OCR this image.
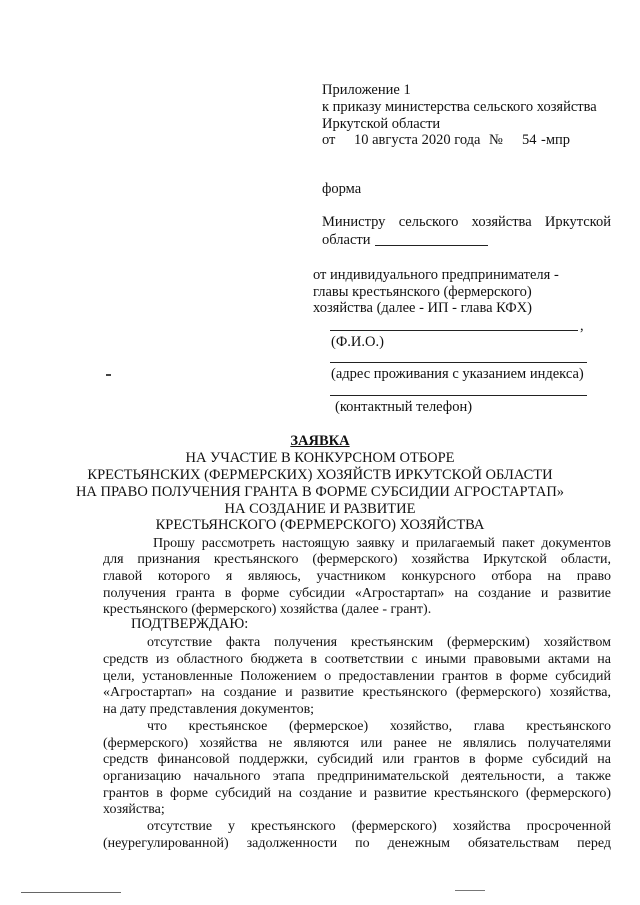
Приложение 1
к приказу министерства сельского хозяйства
Иркутской области
от 10 августа 2020 года № 54 -мпр
форма
Министру сельского хозяйства Иркутской
области
от индивидуального предпринимателя -
главы крестьянского (фермерского)
хозяйства (далее - ИП - глава КФХ)
,
(Ф.И.О.)
(адрес проживания с указанием индекса)
(контактный телефон)
ЗАЯВКА
НА УЧАСТИЕ В КОНКУРСНОМ ОТБОРЕ
КРЕСТЬЯНСКИХ (ФЕРМЕРСКИХ) ХОЗЯЙСТВ ИРКУТСКОЙ ОБЛАСТИ
НА ПРАВО ПОЛУЧЕНИЯ ГРАНТА В ФОРМЕ СУБСИДИИ АГРОСТАРТАП»
НА СОЗДАНИЕ И РАЗВИТИЕ
КРЕСТЬЯНСКОГО (ФЕРМЕРСКОГО) ХОЗЯЙСТВА
Прошу рассмотреть настоящую заявку и прилагаемый пакет документов
для признания крестьянского (фермерского) хозяйства Иркутской области,
главой которого я являюсь, участником конкурсного отбора на право
получения гранта в форме субсидии «Агростартап» на создание и развитие
крестьянского (фермерского) хозяйства (далее - грант).
ПОДТВЕРЖДАЮ:
отсутствие факта получения крестьянским (фермерским) хозяйством
средств из областного бюджета в соответствии с иными правовыми актами на
цели, установленные Положением о предоставлении грантов в форме субсидий
«Агростартап» на создание и развитие крестьянского (фермерского) хозяйства,
на дату представления документов;
что крестьянское (фермерское) хозяйство, глава крестьянского
(фермерского) хозяйства не являются или ранее не являлись получателями
средств финансовой поддержки, субсидий или грантов в форме субсидий на
организацию начального этапа предпринимательской деятельности, а также
грантов в форме субсидий на создание и развитие крестьянского (фермерского)
хозяйства;
отсутствие у крестьянского (фермерского) хозяйства просроченной
(неурегулированной) задолженности по денежным обязательствам перед
